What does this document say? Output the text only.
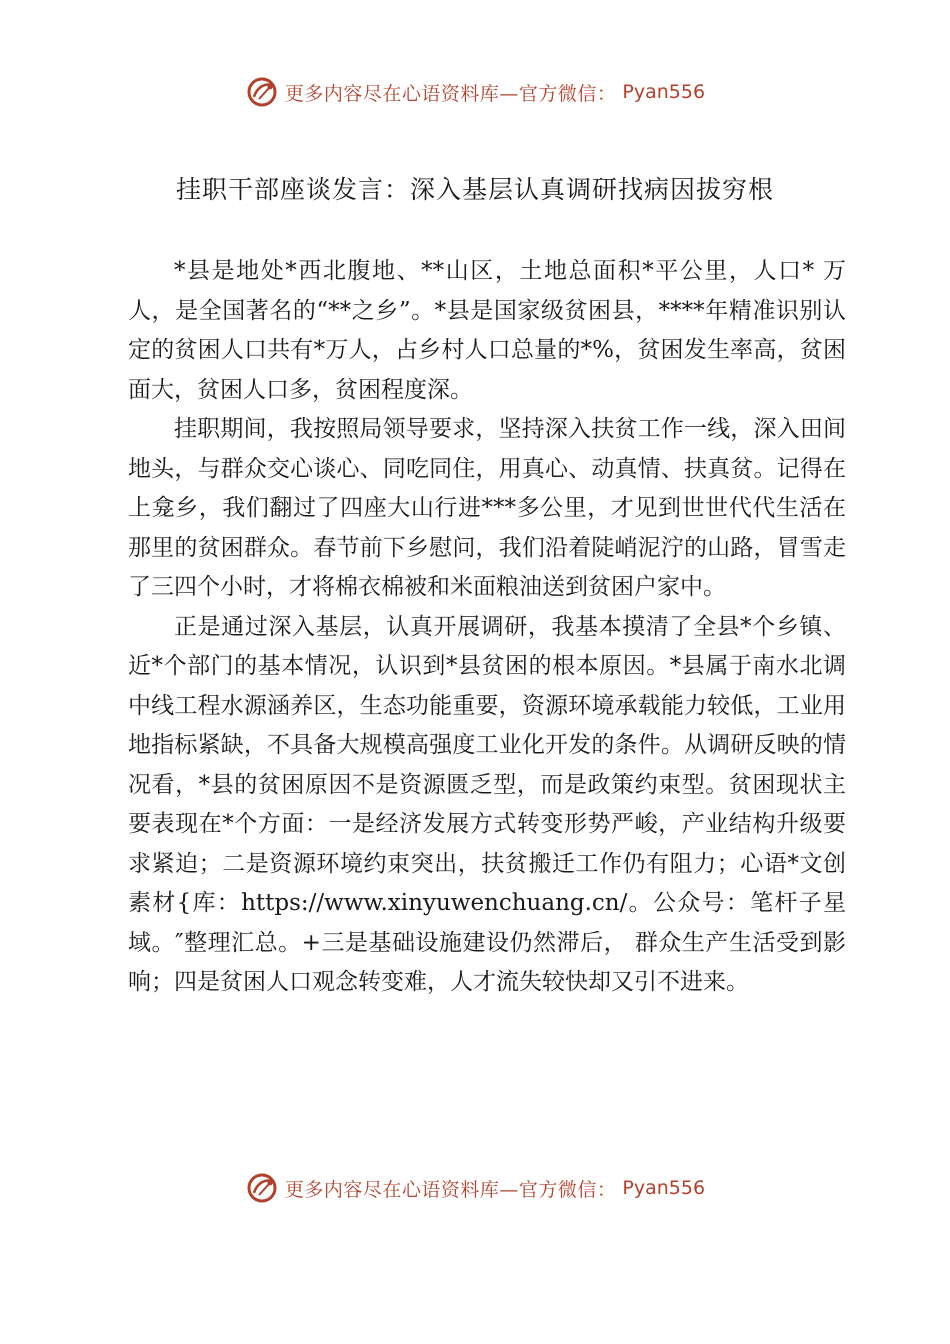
更多内容尽在心语资料库—官方微信： Pyan556
挂职干部座谈发言：深入基层认真调研找病因拔穷根

*县是地处*西北腹地、**山区，土地总面积*平公里，人口* 万人，是全国著名的“**之乡”。*县是国家级贫困县，****年精准识别认定的贫困人口共有*万人，占乡村人口总量的*%，贫困发生率高，贫困面大，贫困人口多，贫困程度深。

挂职期间，我按照局领导要求，坚持深入扶贫工作一线，深入田间地头，与群众交心谈心、同吃同住，用真心、动真情、扶真贫。记得在上龛乡，我们翻过了四座大山行进***多公里，才见到世世代代生活在那里的贫困群众。春节前下乡慰问，我们沿着陡峭泥泞的山路，冒雪走了三四个小时，才将棉衣棉被和米面粮油送到贫困户家中。

正是通过深入基层，认真开展调研，我基本摸清了全县*个乡镇、近*个部门的基本情况，认识到*县贫困的根本原因。*县属于南水北调中线工程水源涵养区，生态功能重要，资源环境承载能力较低，工业用地指标紧缺，不具备大规模高强度工业化开发的条件。从调研反映的情况看，*县的贫困原因不是资源匮乏型，而是政策约束型。贫困现状主要表现在*个方面：一是经济发展方式转变形势严峻，产业结构升级要求紧迫；二是资源环境约束突出，扶贫搬迁工作仍有阻力；心语*文创素材{库：https://www.xinyuwenchuang.cn/。公众号：笔杆子星域。″整理汇总。+三是基础设施建设仍然滞后， 群众生产生活受到影响；四是贫困人口观念转变难，人才流失较快却又引不进来。

更多内容尽在心语资料库—官方微信： Pyan556
